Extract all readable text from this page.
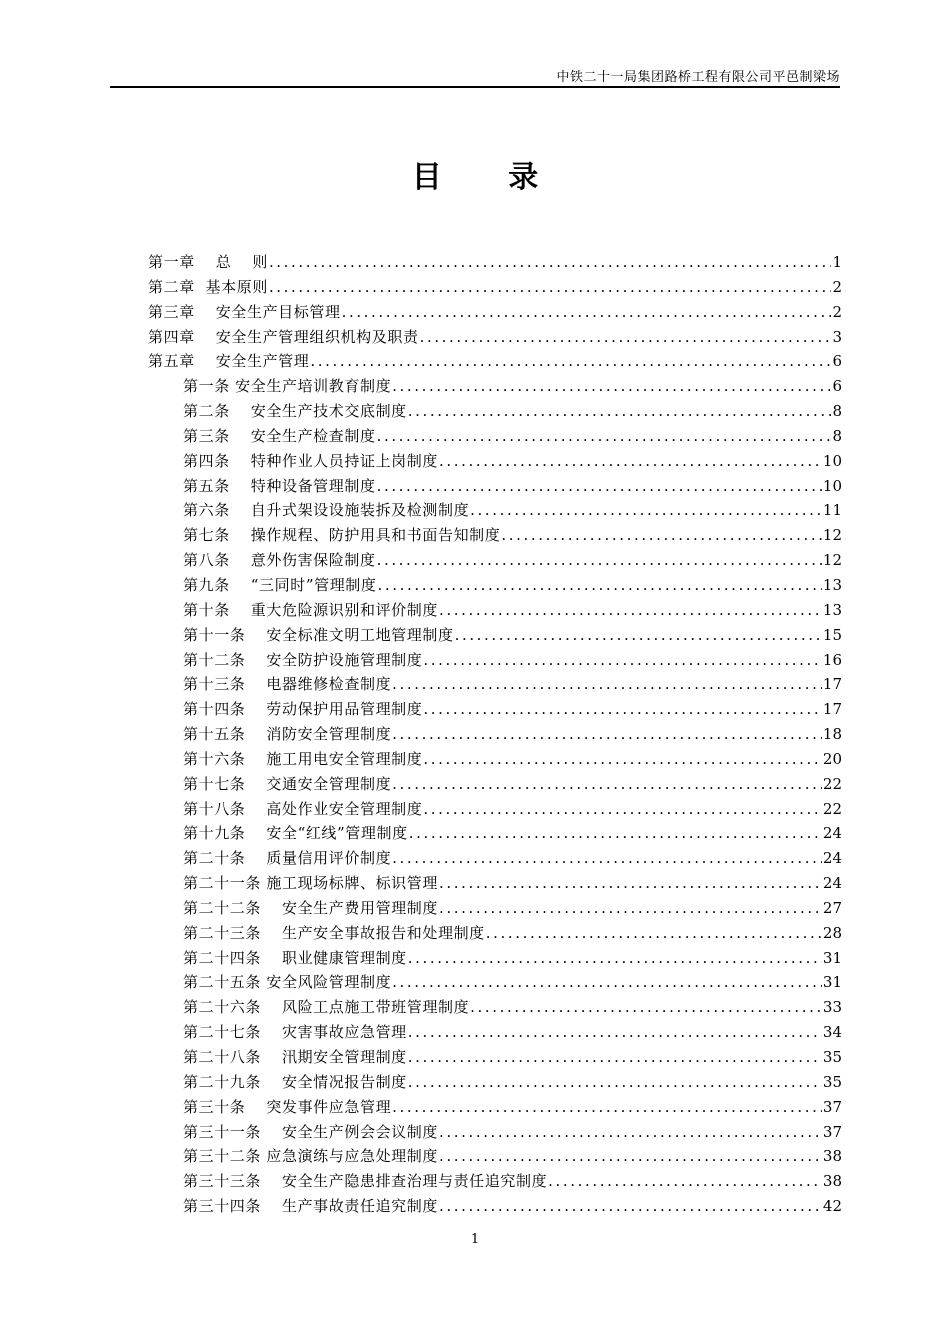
中铁二十一局集团路桥工程有限公司平邑制梁场
目 录
第一章　 总　 则 .....	1
第二章  基本原则 .....	2
第三章　 安全生产目标管理 .....	2
第四章　 安全生产管理组织机构及职责 .....	3
第五章　 安全生产管理 .....	6
第一条 安全生产培训教育制度 .....	6
第二条　 安全生产技术交底制度 .....	8
第三条　 安全生产检查制度 .....	8
第四条　 特种作业人员持证上岗制度 .....	10
第五条　 特种设备管理制度 .....	10
第六条　 自升式架设设施装拆及检测制度 .....	11
第七条　 操作规程、防护用具和书面告知制度 .....	12
第八条　 意外伤害保险制度 .....	12
第九条　 “三同时”管理制度 .....	13
第十条　 重大危险源识别和评价制度 .....	13
第十一条　 安全标准文明工地管理制度 .....	15
第十二条　 安全防护设施管理制度 .....	16
第十三条　 电器维修检查制度 .....	17
第十四条　 劳动保护用品管理制度 .....	17
第十五条　 消防安全管理制度 .....	18
第十六条　 施工用电安全管理制度 .....	20
第十七条　 交通安全管理制度 .....	22
第十八条　 高处作业安全管理制度 .....	22
第十九条　 安全“红线”管理制度 .....	24
第二十条　 质量信用评价制度 .....	24
第二十一条 施工现场标牌、标识管理 .....	24
第二十二条　 安全生产费用管理制度 .....	27
第二十三条　 生产安全事故报告和处理制度 .....	28
第二十四条　 职业健康管理制度 .....	31
第二十五条 安全风险管理制度 .....	31
第二十六条　 风险工点施工带班管理制度 .....	33
第二十七条　 灾害事故应急管理 .....	34
第二十八条　 汛期安全管理制度 .....	35
第二十九条　 安全情况报告制度 .....	35
第三十条　 突发事件应急管理 .....	37
第三十一条　 安全生产例会会议制度 .....	37
第三十二条 应急演练与应急处理制度 .....	38
第三十三条　 安全生产隐患排查治理与责任追究制度 .....	38
第三十四条　 生产事故责任追究制度 .....	42
1
